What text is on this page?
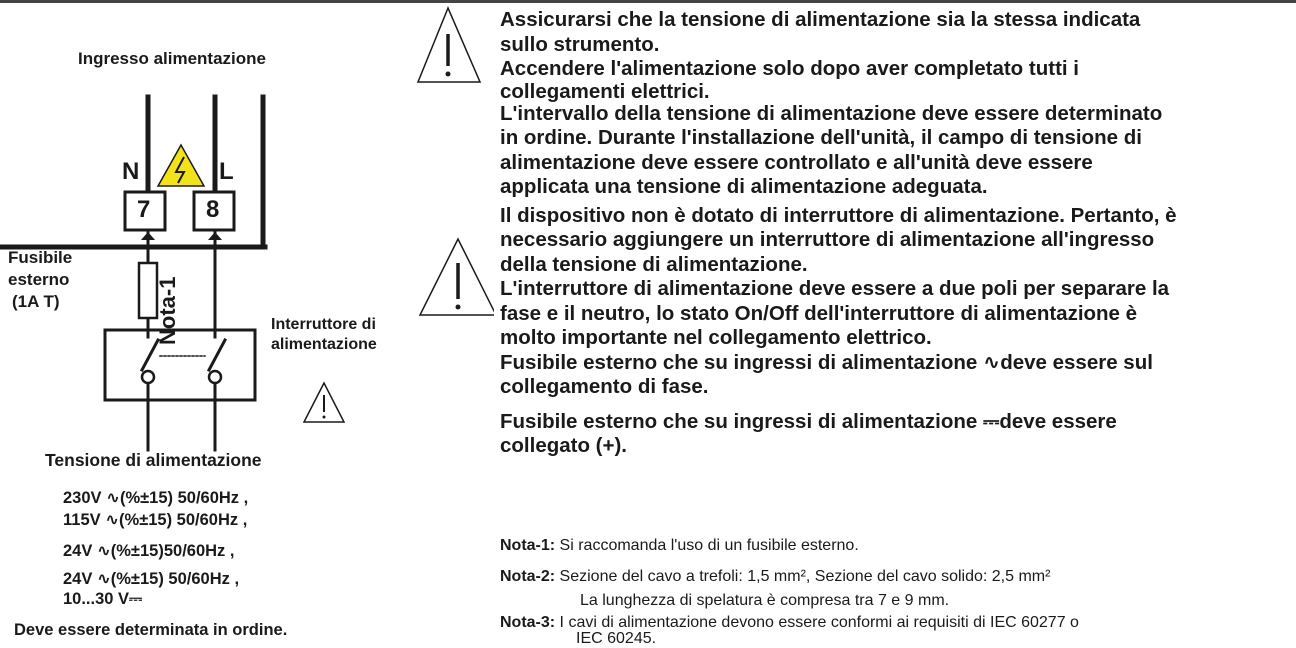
Ingresso alimentazione
N	L
7 8
Fusibile
esterno
(1A T)	Nota-1	Interruttore di
alimentazione
Tensione di alimentazione
230V ∿(%±15) 50/60Hz ,
115V ∿(%±15) 50/60Hz ,
24V ∿(%±15)50/60Hz ,
24V ∿(%±15) 50/60Hz ,
10...30 V⎓
Deve essere determinata in ordine.
Assicurarsi che la tensione di alimentazione sia la stessa indicata
sullo strumento.
Accendere l'alimentazione solo dopo aver completato tutti i
collegamenti elettrici.
L'intervallo della tensione di alimentazione deve essere determinato
in ordine. Durante l'installazione dell'unità, il campo di tensione di
alimentazione deve essere controllato e all'unità deve essere
applicata una tensione di alimentazione adeguata.
Il dispositivo non è dotato di interruttore di alimentazione. Pertanto, è
necessario aggiungere un interruttore di alimentazione all'ingresso
della tensione di alimentazione.
L'interruttore di alimentazione deve essere a due poli per separare la
fase e il neutro, lo stato On/Off dell'interruttore di alimentazione è
molto importante nel collegamento elettrico.
Fusibile esterno che su ingressi di alimentazione ∿deve essere sul
collegamento di fase.
Fusibile esterno che su ingressi di alimentazione ⎓deve essere
collegato (+).
Nota-1: Si raccomanda l'uso di un fusibile esterno.
Nota-2: Sezione del cavo a trefoli: 1,5 mm², Sezione del cavo solido: 2,5 mm²
La lunghezza di spelatura è compresa tra 7 e 9 mm.
Nota-3: I cavi di alimentazione devono essere conformi ai requisiti di IEC 60277 o
IEC 60245.
